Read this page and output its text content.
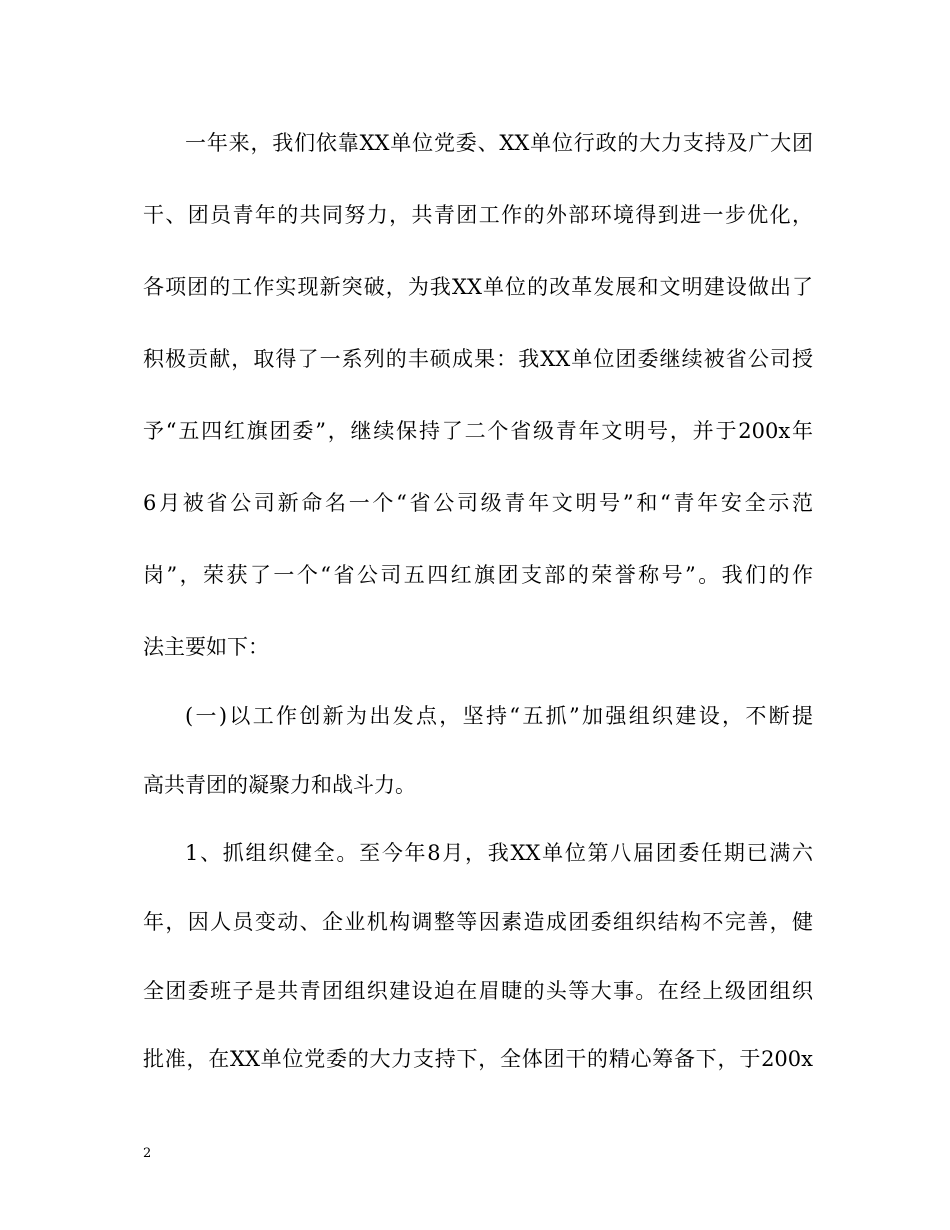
一年来，我们依靠XX单位党委、XX单位行政的大力支持及广大团
干、团员青年的共同努力，共青团工作的外部环境得到进一步优化，
各项团的工作实现新突破，为我XX单位的改革发展和文明建设做出了
积极贡献，取得了一系列的丰硕成果：我XX单位团委继续被省公司授
予“五四红旗团委”，继续保持了二个省级青年文明号，并于200x年
6月被省公司新命名一个“省公司级青年文明号”和“青年安全示范
岗”，荣获了一个“省公司五四红旗团支部的荣誉称号”。我们的作
法主要如下：
(一)以工作创新为出发点，坚持“五抓”加强组织建设，不断提
高共青团的凝聚力和战斗力。
1、抓组织健全。至今年8月，我XX单位第八届团委任期已满六
年，因人员变动、企业机构调整等因素造成团委组织结构不完善，健
全团委班子是共青团组织建设迫在眉睫的头等大事。在经上级团组织
批准，在XX单位党委的大力支持下，全体团干的精心筹备下，于200x
2
